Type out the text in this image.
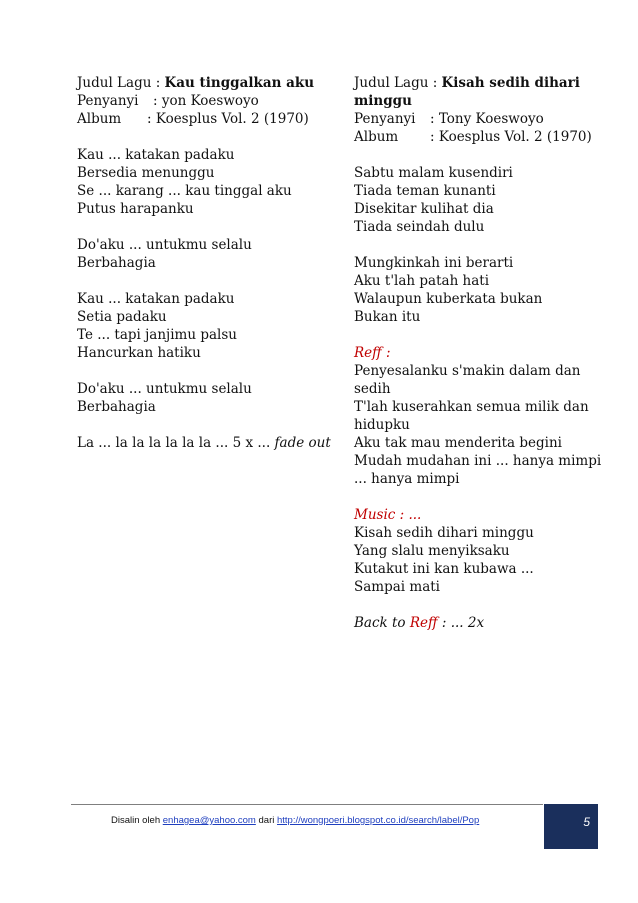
Judul Lagu : Kau tinggalkan aku
Penyanyi : yon Koeswoyo
Album : Koesplus Vol. 2 (1970)
Kau ... katakan padaku
Bersedia menunggu
Se ... karang ... kau tinggal aku
Putus harapanku
Do'aku ... untukmu selalu
Berbahagia
Kau ... katakan padaku
Setia padaku
Te ... tapi janjimu palsu
Hancurkan hatiku
Do'aku ... untukmu selalu
Berbahagia
La ... la la la la la la ... 5 x ... fade out
Judul Lagu : Kisah sedih dihari
minggu
Penyanyi : Tony Koeswoyo
Album : Koesplus Vol. 2 (1970)
Sabtu malam kusendiri
Tiada teman kunanti
Disekitar kulihat dia
Tiada seindah dulu
Mungkinkah ini berarti
Aku t'lah patah hati
Walaupun kuberkata bukan
Bukan itu
Reff :
Penyesalanku s'makin dalam dan
sedih
T'lah kuserahkan semua milik dan
hidupku
Aku tak mau menderita begini
Mudah mudahan ini ... hanya mimpi
... hanya mimpi
Music : ...
Kisah sedih dihari minggu
Yang slalu menyiksaku
Kutakut ini kan kubawa ...
Sampai mati
Back to Reff : ... 2x
Disalin oleh enhagea@yahoo.com dari http://wongpoeri.blogspot.co.id/search/label/Pop	5
